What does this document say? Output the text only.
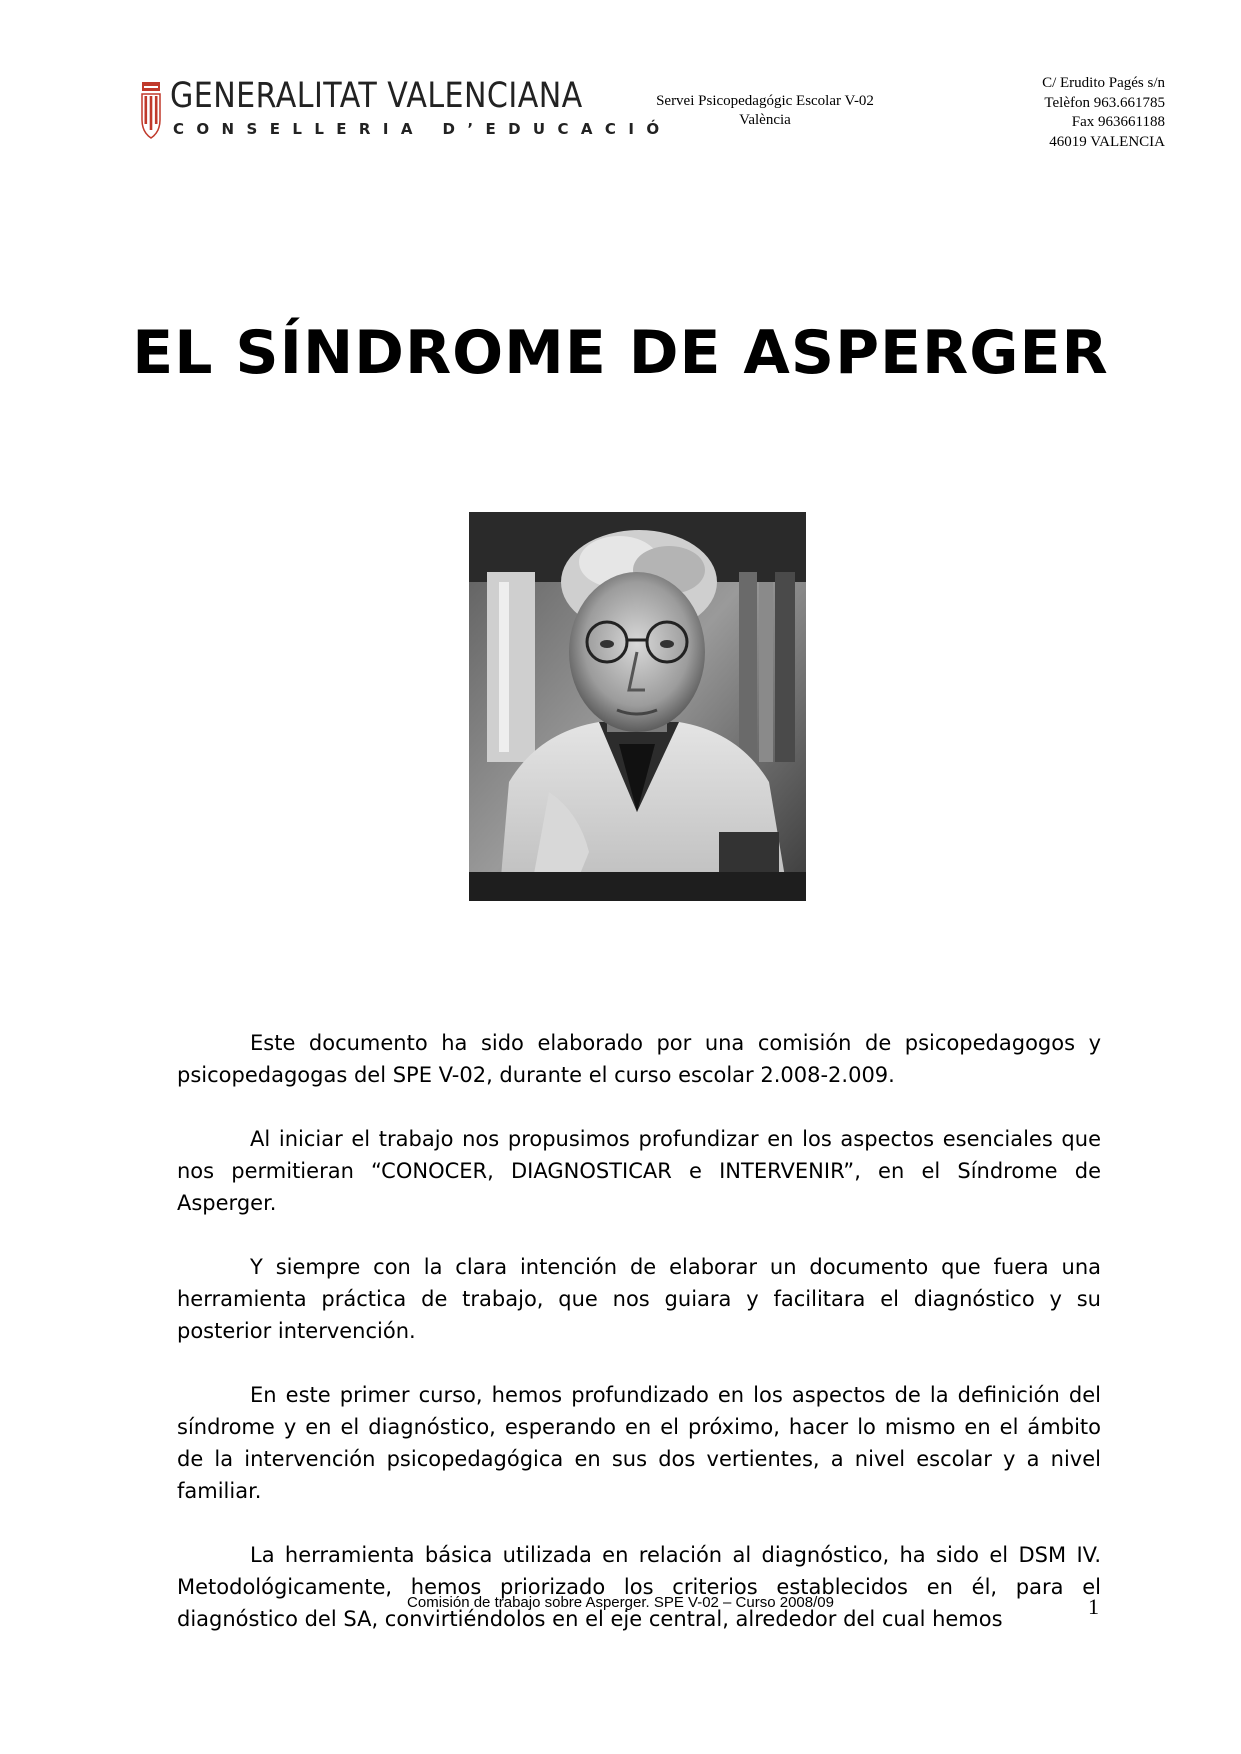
GENERALITAT VALENCIANA
CONSELLERIA D’EDUCACIÓ
Servei Psicopedagógic Escolar V-02
València
C/ Erudito Pagés s/n
Telèfon 963.661785
Fax 963661188
46019 VALENCIA
EL SÍNDROME DE ASPERGER

Este documento ha sido elaborado por una comisión de psicopedagogos y psicopedagogas del SPE V-02, durante el curso escolar 2.008-2.009.

Al iniciar el trabajo nos propusimos profundizar en los aspectos esenciales que nos permitieran “CONOCER, DIAGNOSTICAR e INTERVENIR”, en el Síndrome de Asperger.

Y siempre con la clara intención de elaborar un documento que fuera una herramienta práctica de trabajo, que nos guiara y facilitara el diagnóstico y su posterior intervención.

En este primer curso, hemos profundizado en los aspectos de la definición del síndrome y en el diagnóstico, esperando en el próximo, hacer lo mismo en el ámbito de la intervención psicopedagógica en sus dos vertientes, a nivel escolar y a nivel familiar.

La herramienta básica utilizada en relación al diagnóstico, ha sido el DSM IV. Metodológicamente, hemos priorizado los criterios establecidos en él, para el diagnóstico del SA, convirtiéndolos en el eje central, alrededor del cual hemos

Comisión de trabajo sobre Asperger. SPE V-02 – Curso 2008/09	1
